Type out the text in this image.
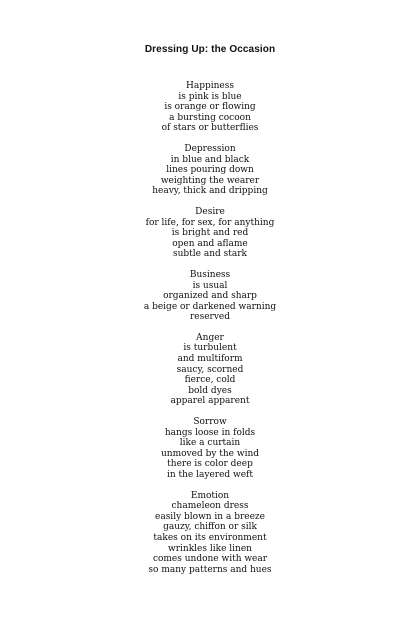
Dressing Up: the Occasion
Happiness
is pink is blue
is orange or flowing
a bursting cocoon
of stars or butterflies
Depression
in blue and black
lines pouring down
weighting the wearer
heavy, thick and dripping
Desire
for life, for sex, for anything
is bright and red
open and aflame
subtle and stark
Business
is usual
organized and sharp
a beige or darkened warning
reserved
Anger
is turbulent
and multiform
saucy, scorned
fierce, cold
bold dyes
apparel apparent
Sorrow
hangs loose in folds
like a curtain
unmoved by the wind
there is color deep
in the layered weft
Emotion
chameleon dress
easily blown in a breeze
gauzy, chiffon or silk
takes on its environment
wrinkles like linen
comes undone with wear
so many patterns and hues
